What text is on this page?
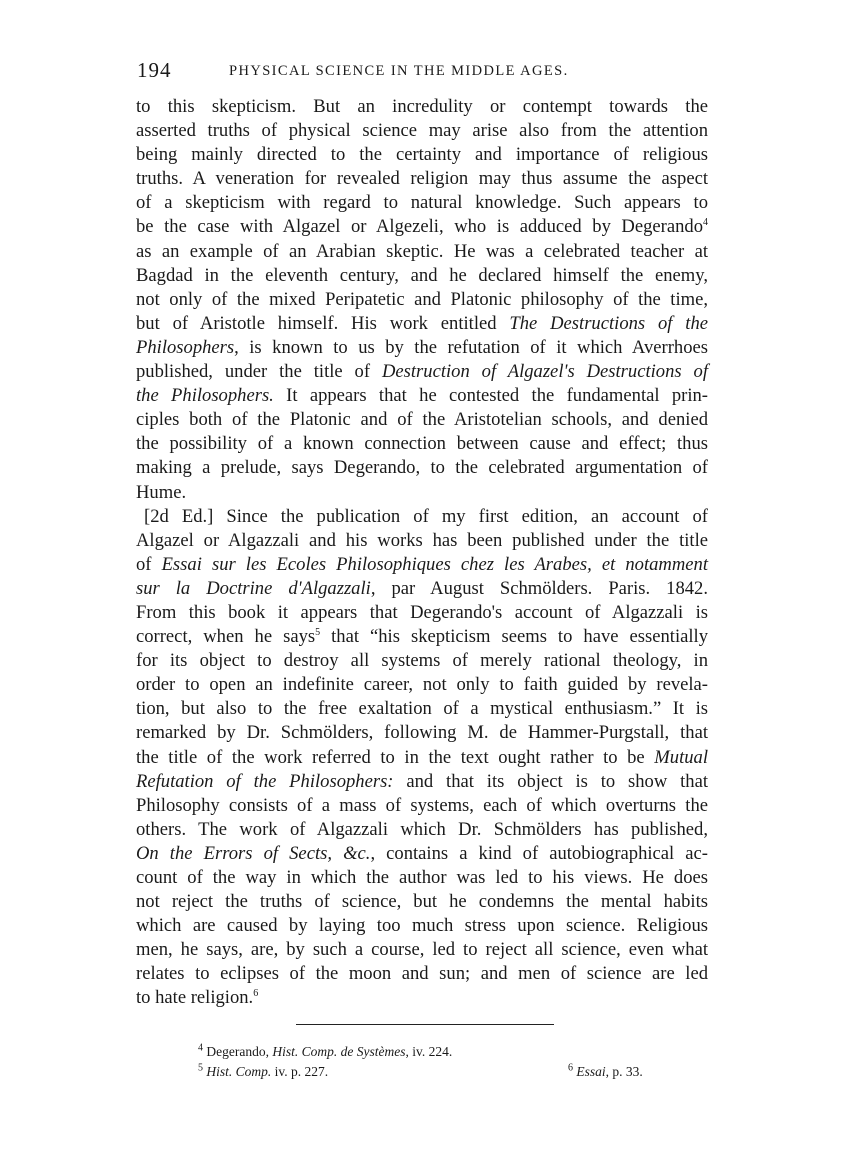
194	PHYSICAL SCIENCE IN THE MIDDLE AGES.
to this skepticism. But an incredulity or contempt towards the
asserted truths of physical science may arise also from the attention
being mainly directed to the certainty and importance of religious
truths. A veneration for revealed religion may thus assume the aspect
of a skepticism with regard to natural knowledge. Such appears to
be the case with Algazel or Algezeli, who is adduced by Degerando$^4$
as an example of an Arabian skeptic. He was a celebrated teacher at
Bagdad in the eleventh century, and he declared himself the enemy,
not only of the mixed Peripatetic and Platonic philosophy of the time,
but of Aristotle himself. His work entitled The Destructions of the
Philosophers, is known to us by the refutation of it which Averrhoes
published, under the title of Destruction of Algazel's Destructions of
the Philosophers. It appears that he contested the fundamental prin-
ciples both of the Platonic and of the Aristotelian schools, and denied
the possibility of a known connection between cause and effect; thus
making a prelude, says Degerando, to the celebrated argumentation of
Hume.
[2d Ed.] Since the publication of my first edition, an account of
Algazel or Algazzali and his works has been published under the title
of Essai sur les Ecoles Philosophiques chez les Arabes, et notamment
sur la Doctrine d'Algazzali, par August Schmölders. Paris. 1842.
From this book it appears that Degerando's account of Algazzali is
correct, when he says$^5$ that “his skepticism seems to have essentially
for its object to destroy all systems of merely rational theology, in
order to open an indefinite career, not only to faith guided by revela-
tion, but also to the free exaltation of a mystical enthusiasm.” It is
remarked by Dr. Schmölders, following M. de Hammer-Purgstall, that
the title of the work referred to in the text ought rather to be Mutual
Refutation of the Philosophers: and that its object is to show that
Philosophy consists of a mass of systems, each of which overturns the
others. The work of Algazzali which Dr. Schmölders has published,
On the Errors of Sects, &c., contains a kind of autobiographical ac-
count of the way in which the author was led to his views. He does
not reject the truths of science, but he condemns the mental habits
which are caused by laying too much stress upon science. Religious
men, he says, are, by such a course, led to reject all science, even what
relates to eclipses of the moon and sun; and men of science are led
to hate religion.$^6$
$^4$ Degerando, Hist. Comp. de Systèmes, iv. 224.
$^5$ Hist. Comp. iv. p. 227.	$^6$ Essai, p. 33.
